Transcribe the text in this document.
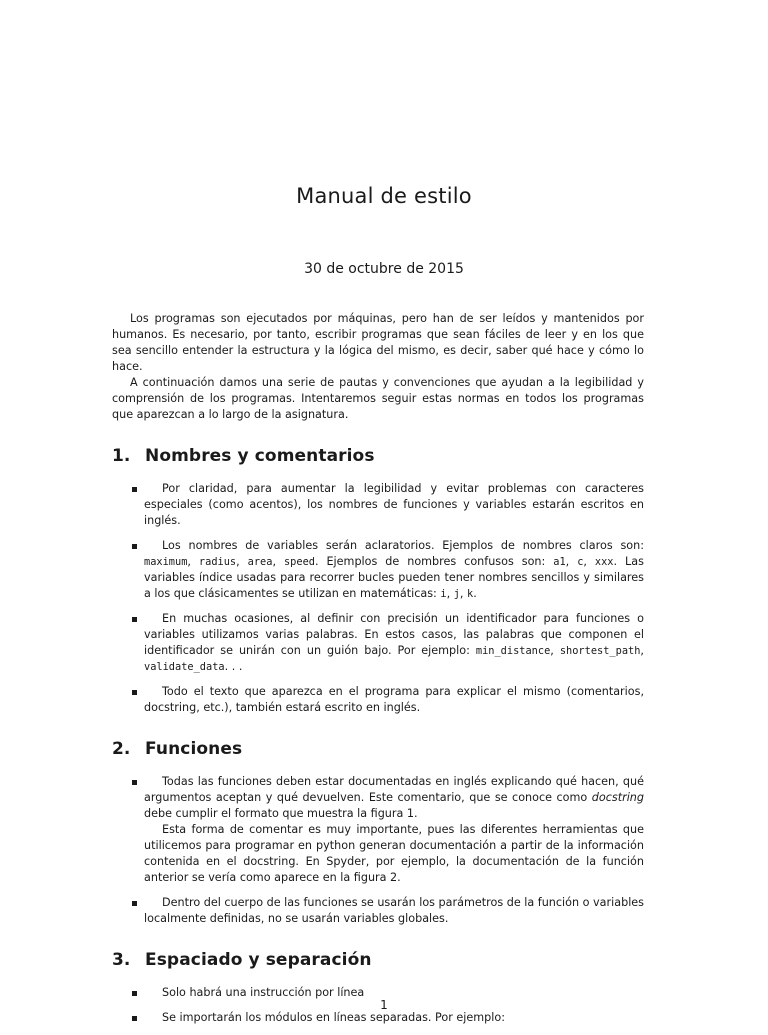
Manual de estilo
30 de octubre de 2015

Los programas son ejecutados por máquinas, pero han de ser leídos y mantenidos por humanos. Es necesario, por tanto, escribir programas que sean fáciles de leer y en los que sea sencillo entender la estructura y la lógica del mismo, es decir, saber qué hace y cómo lo hace.

A continuación damos una serie de pautas y convenciones que ayudan a la legibilidad y comprensión de los programas. Intentaremos seguir estas normas en todos los programas que aparezcan a lo largo de la asignatura.

1. Nombres y comentarios

Por claridad, para aumentar la legibilidad y evitar problemas con caracteres especiales (como acentos), los nombres de funciones y variables estarán escritos en inglés.

Los nombres de variables serán aclaratorios. Ejemplos de nombres claros son: maximum, radius, area, speed. Ejemplos de nombres confusos son: a1, c, xxx. Las variables índice usadas para recorrer bucles pueden tener nombres sencillos y similares a los que clásicamentes se utilizan en matemáticas: i, j, k.

En muchas ocasiones, al definir con precisión un identificador para funciones o variables utilizamos varias palabras. En estos casos, las palabras que componen el identificador se unirán con un guión bajo. Por ejemplo: min_distance, shortest_path, validate_data. . .

Todo el texto que aparezca en el programa para explicar el mismo (comentarios, docstring, etc.), también estará escrito en inglés.

2. Funciones

Todas las funciones deben estar documentadas en inglés explicando qué hacen, qué argumentos aceptan y qué devuelven. Este comentario, que se conoce como docstring debe cumplir el formato que muestra la figura 1.

Esta forma de comentar es muy importante, pues las diferentes herramientas que utilicemos para programar en python generan documentación a partir de la información contenida en el docstring. En Spyder, por ejemplo, la documentación de la función anterior se vería como aparece en la figura 2.

Dentro del cuerpo de las funciones se usarán los parámetros de la función o variables localmente definidas, no se usarán variables globales.

3. Espaciado y separación

Solo habrá una instrucción por línea

Se importarán los módulos en líneas separadas. Por ejemplo:

1
